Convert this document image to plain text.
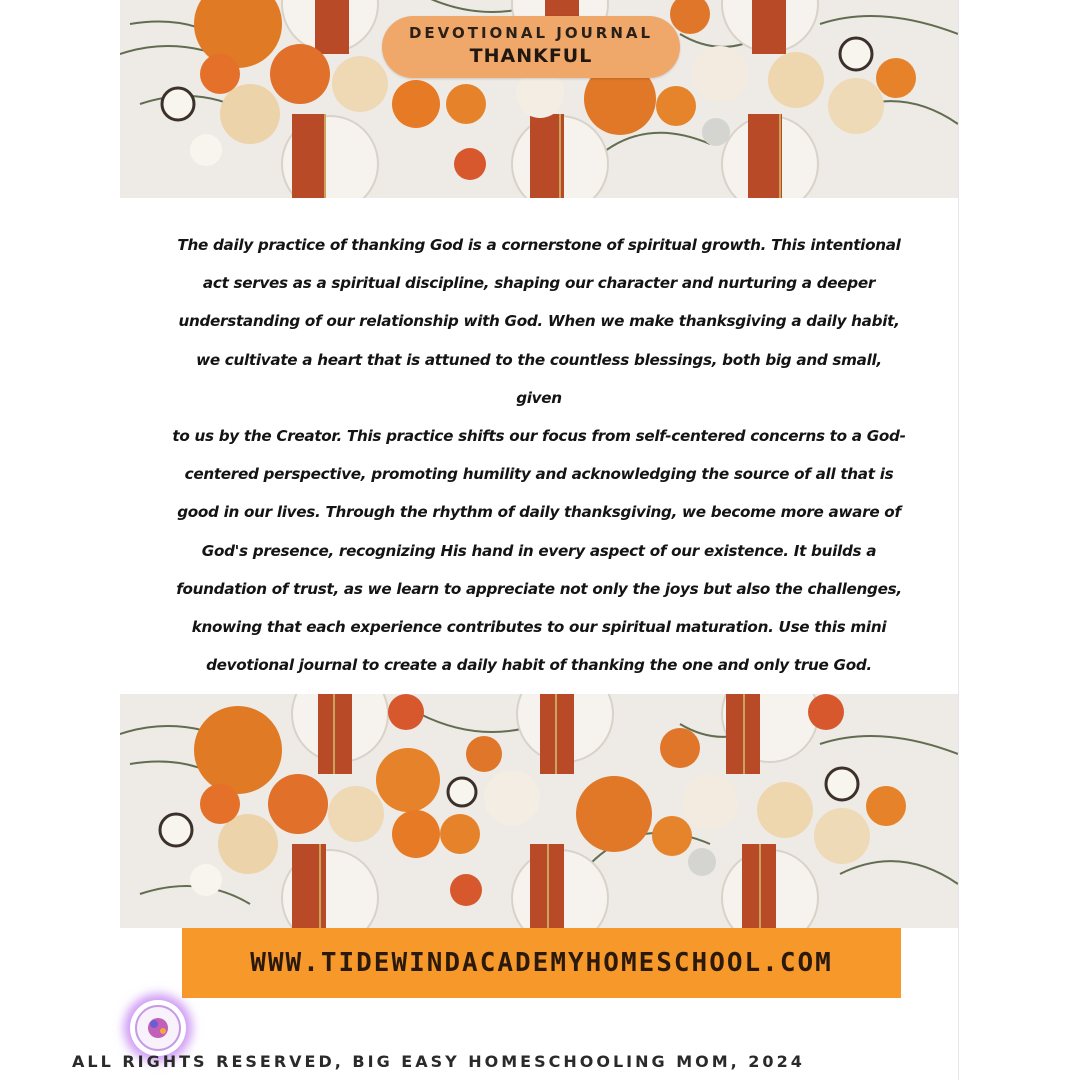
DEVOTIONAL JOURNAL
THANKFUL
The daily practice of thanking God is a cornerstone of spiritual growth. This intentional
act serves as a spiritual discipline, shaping our character and nurturing a deeper
understanding of our relationship with God. When we make thanksgiving a daily habit,
we cultivate a heart that is attuned to the countless blessings, both big and small, given
to us by the Creator. This practice shifts our focus from self-centered concerns to a God-
centered perspective, promoting humility and acknowledging the source of all that is
good in our lives. Through the rhythm of daily thanksgiving, we become more aware of
God's presence, recognizing His hand in every aspect of our existence. It builds a
foundation of trust, as we learn to appreciate not only the joys but also the challenges,
knowing that each experience contributes to our spiritual maturation. Use this mini
devotional journal to create a daily habit of thanking the one and only true God.
WWW.TIDEWINDACADEMYHOMESCHOOL.COM
ALL RIGHTS RESERVED, BIG EASY HOMESCHOOLING MOM, 2024
